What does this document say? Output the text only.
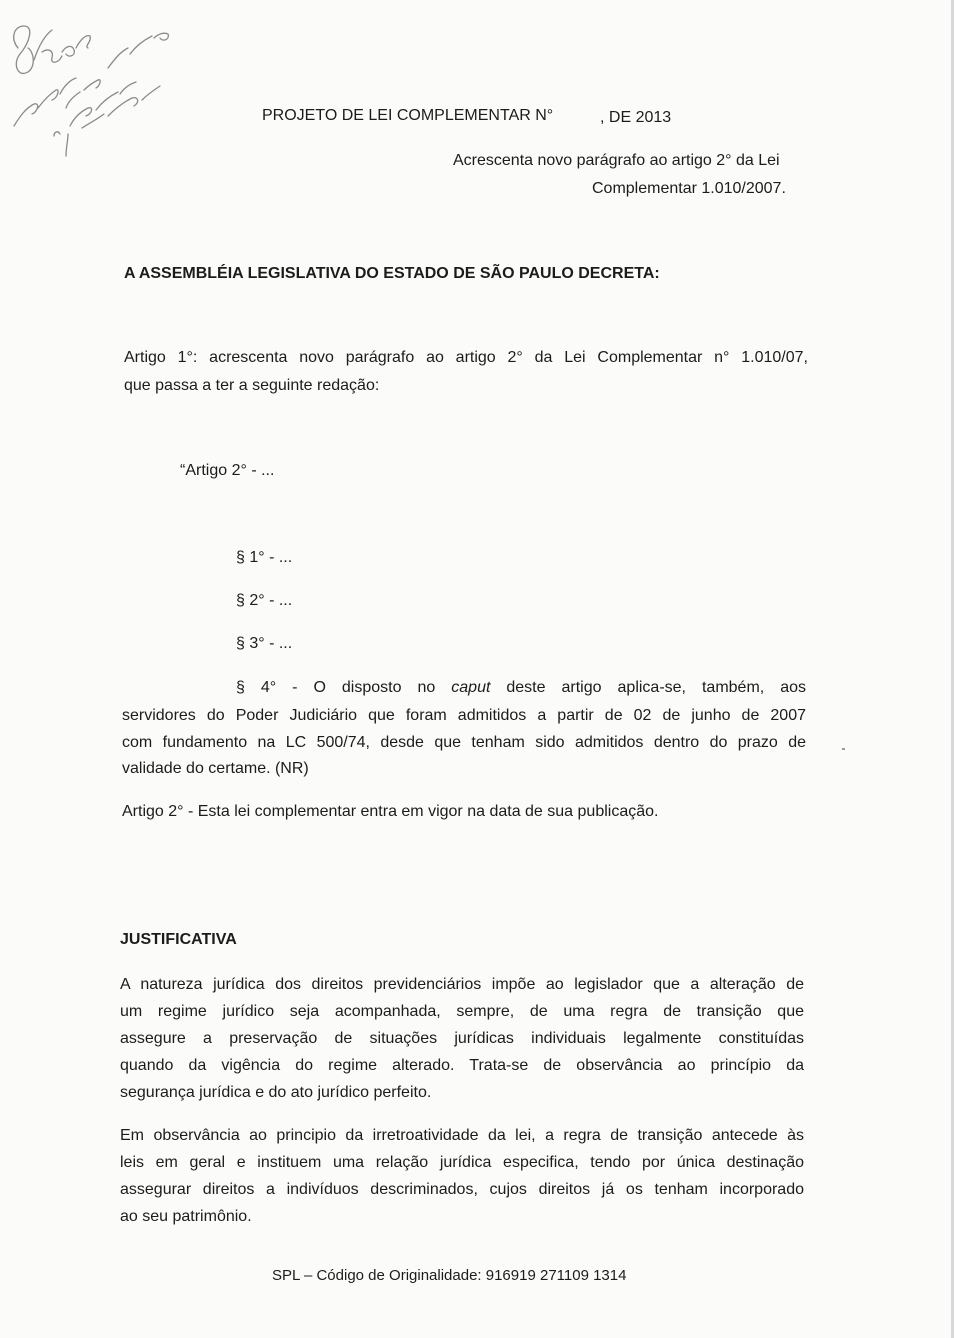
PROJETO DE LEI COMPLEMENTAR N°	, DE 2013
Acrescenta novo parágrafo ao artigo 2° da Lei
Complementar 1.010/2007.
A ASSEMBLÉIA LEGISLATIVA DO ESTADO DE SÃO PAULO DECRETA:
Artigo 1°: acrescenta novo parágrafo ao artigo 2° da Lei Complementar n° 1.010/07,
que passa a ter a seguinte redação:
“Artigo 2° - ...
§ 1° - ...
§ 2° - ...
§ 3° - ...
§ 4° - O disposto no caput deste artigo aplica-se, também, aos
servidores do Poder Judiciário que foram admitidos a partir de 02 de junho de 2007
com fundamento na LC 500/74, desde que tenham sido admitidos dentro do prazo de
validade do certame. (NR)
Artigo 2° - Esta lei complementar entra em vigor na data de sua publicação.
JUSTIFICATIVA
A natureza jurídica dos direitos previdenciários impõe ao legislador que a alteração de
um regime jurídico seja acompanhada, sempre, de uma regra de transição que
assegure a preservação de situações jurídicas individuais legalmente constituídas
quando da vigência do regime alterado. Trata-se de observância ao princípio da
segurança jurídica e do ato jurídico perfeito.
Em observância ao principio da irretroatividade da lei, a regra de transição antecede às
leis em geral e instituem uma relação jurídica especifica, tendo por única destinação
assegurar direitos a indivíduos descriminados, cujos direitos já os tenham incorporado
ao seu patrimônio.
SPL – Código de Originalidade: 916919 271109 1314
